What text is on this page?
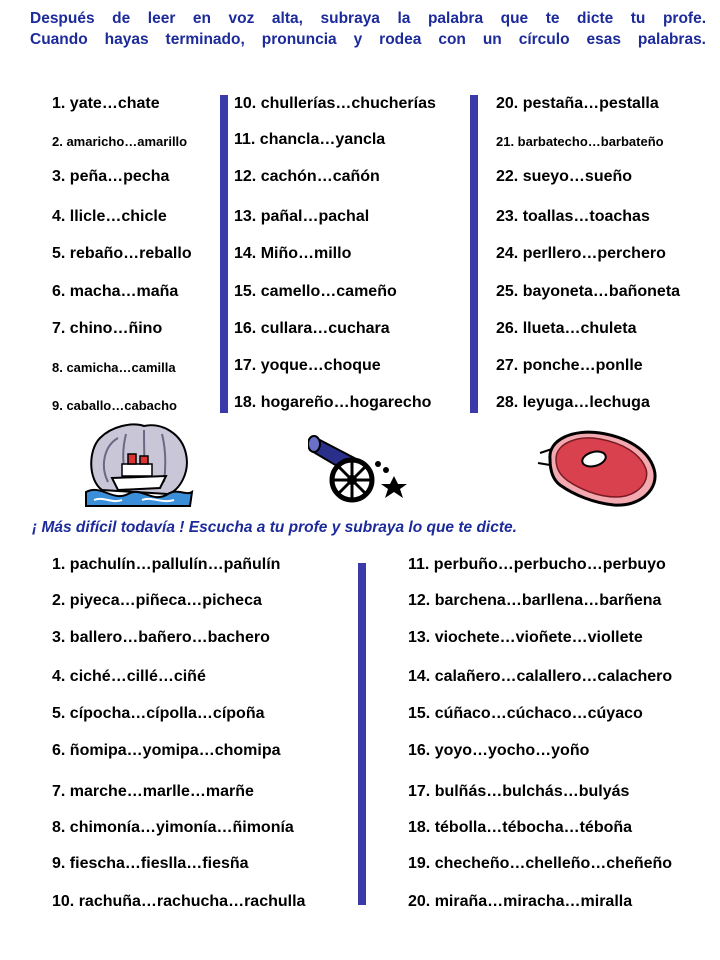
Después de leer en voz alta, subraya la palabra que te dicte tu profe.

Cuando hayas terminado, pronuncia y rodea con un círculo esas palabras.

1. yate…chate
2. amaricho…amarillo
3. peña…pecha
4. llicle…chicle
5. rebaño…reballo
6. macha…maña
7. chino…ñino
8. camicha…camilla
9. caballo…cabacho
10. chullerías…chucherías
11. chancla…yancla
12. cachón…cañón
13. pañal…pachal
14. Miño…millo
15. camello…cameño
16. cullara…cuchara
17. yoque…choque
18. hogareño…hogarecho
20. pestaña…pestalla
21. barbatecho…barbateño
22. sueyo…sueño
23. toallas…toachas
24. perllero…perchero
25. bayoneta…bañoneta
26. llueta…chuleta
27. ponche…ponlle
28. leyuga…lechuga
¡ Más difícil todavía ! Escucha a tu profe y subraya lo que te dicte.
1. pachulín…pallulín…pañulín
2. piyeca…piñeca…picheca
3. ballero…bañero…bachero
4. ciché…cillé…ciñé
5. cípocha…cípolla…cípoña
6. ñomipa…yomipa…chomipa
7. marche…marlle…marñe
8. chimonía…yimonía…ñimonía
9. fiescha…fieslla…fiesña
10. rachuña…rachucha…rachulla
11. perbuño…perbucho…perbuyo
12. barchena…barllena…barñena
13. viochete…vioñete…viollete
14. calañero…calallero…calachero
15. cúñaco…cúchaco…cúyaco
16. yoyo…yocho…yoño
17. bulñás…bulchás…bulyás
18. tébolla…tébocha…téboña
19. checheño…chelleño…cheñeño
20. miraña…miracha…miralla
